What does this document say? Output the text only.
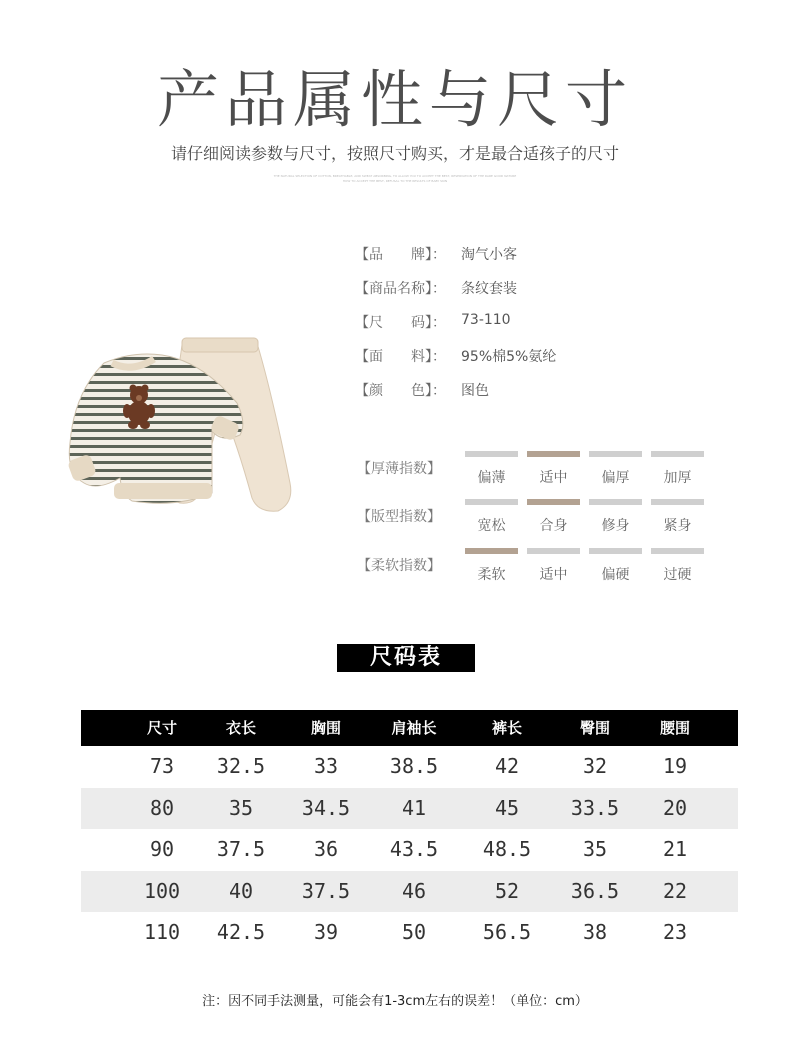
产品属性与尺寸
请仔细阅读参数与尺寸，按照尺寸购买，才是最合适孩子的尺寸
THE NATURAL SELECTION OF COTTON, BREATHABLE, AND SWEAT ABSORBING, TO ALLOW YOU TO ACCEPT THE BEST, RESERVATION OF THE RARE GOOD NATURE
HOW TO ACCEPT THE BEST, REFUSAL TO THE RESULTS OF BABY SKIN
【品　　牌】：	淘气小客
【商品名称】：	条纹套装
【尺　　码】：	73-110
【面　　料】：	95%棉5%氨纶
【颜　　色】：	图色
【厚薄指数】
偏薄	适中	偏厚	加厚
【版型指数】
宽松	合身	修身	紧身
【柔软指数】
柔软	适中	偏硬	过硬
尺码表
尺寸	衣长	胸围	肩袖长	裤长	臀围	腰围
73	32.5	33	38.5	42	32	19
80	35	34.5	41	45	33.5	20
90	37.5	36	43.5	48.5	35	21
100	40	37.5	46	52	36.5	22
110	42.5	39	50	56.5	38	23
注：因不同手法测量，可能会有1-3cm左右的误差！（单位：cm）
